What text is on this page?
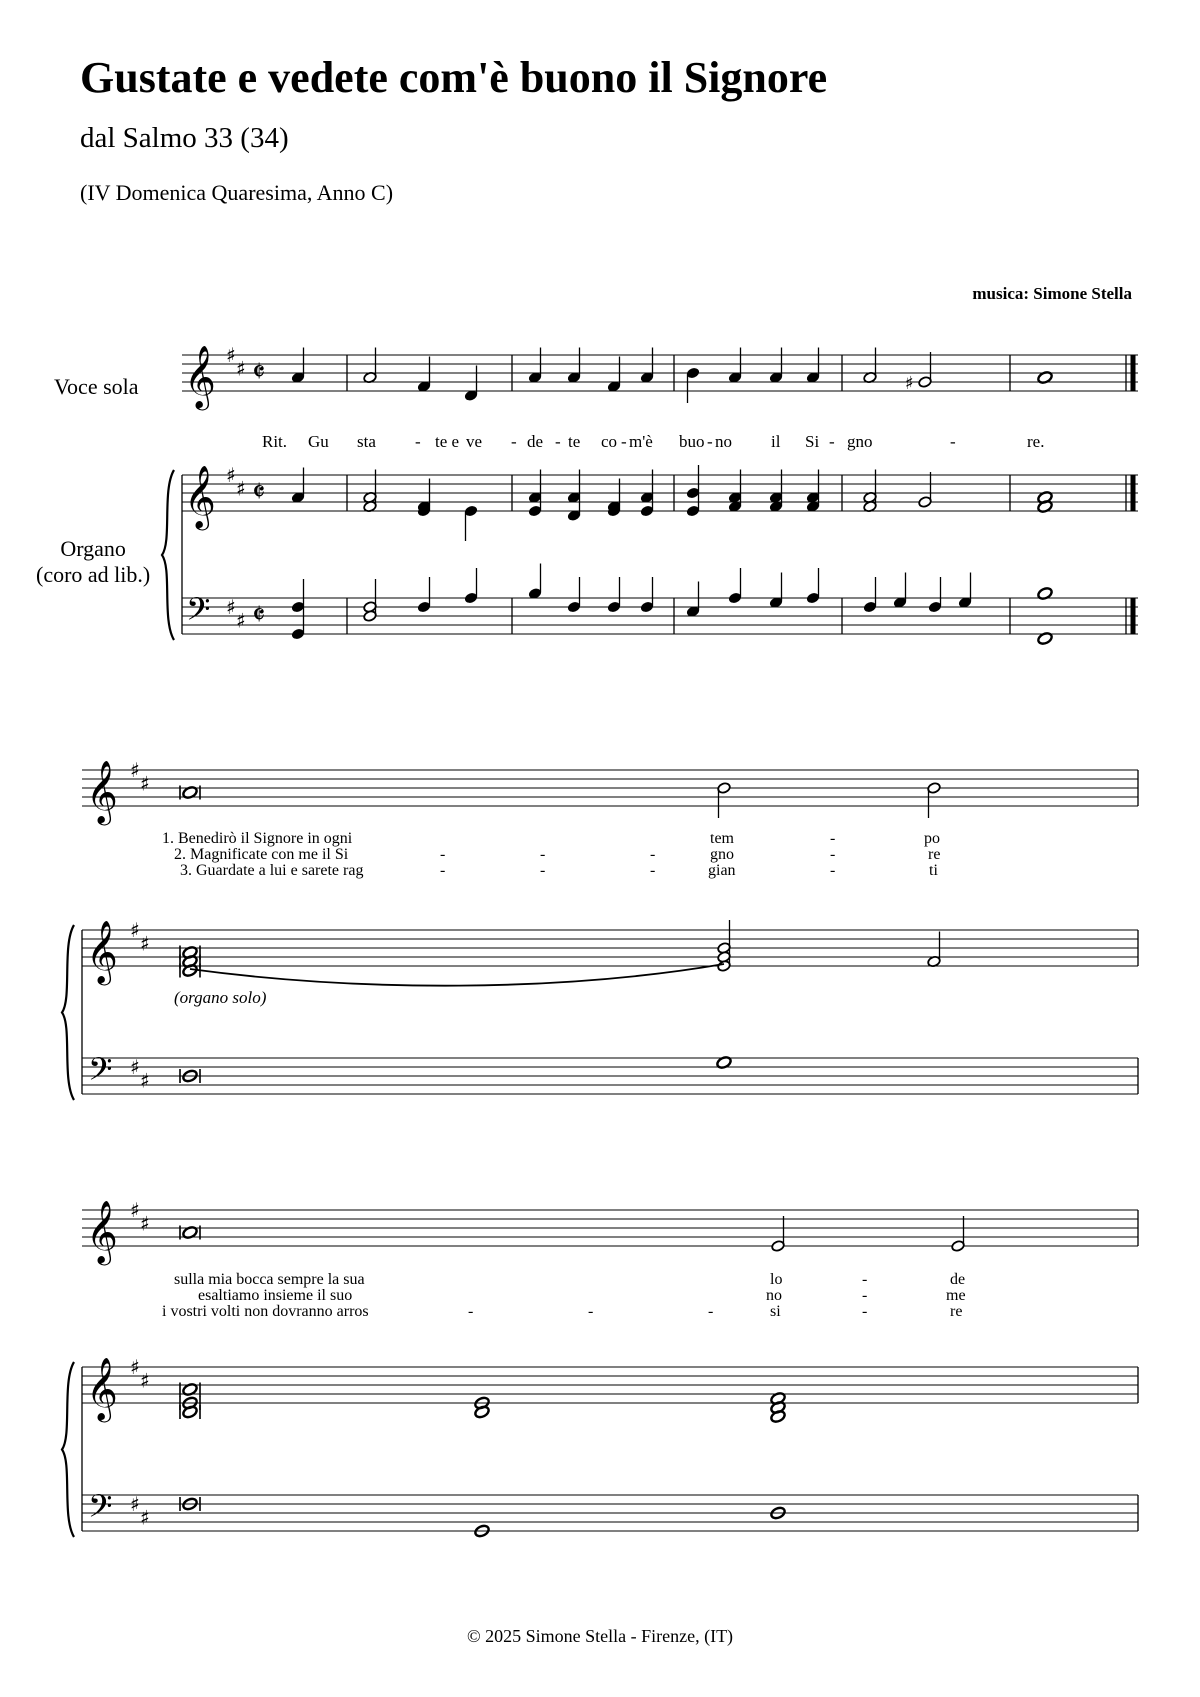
Gustate e vedete com'è buono il Signore
dal Salmo 33 (34)
(IV Domenica Quaresima, Anno C)
musica: Simone Stella
Voce sola
Organo
(coro ad lib.)
Rit. Gu sta - te e ve - de - te co - m'è buo - no il Si - gno	-	re.
1. Benedirò il Signore in ogni	tem	-	po
2. Magnificate con me il Si	-	-	-	gno	-	re
3. Guardate a lui e sarete rag	-	-	-	gian	-	ti
(organo solo)
sulla mia bocca sempre la sua	lo	-	de
esaltiamo insieme il suo	no	-	me
i vostri volti non dovranno arros	-	-	-	si	-	re
© 2025 Simone Stella - Firenze, (IT)
𝄞 ♯
♯ 𝄵
𝄞 ♯
♯ 𝄵
𝄢 ♯
♯ 𝄵
♯
𝄞 ♯
♯
𝄞 ♯
♯
𝄢 ♯
♯
𝄞 ♯
♯
𝄞 ♯
♯
𝄢 ♯
♯
